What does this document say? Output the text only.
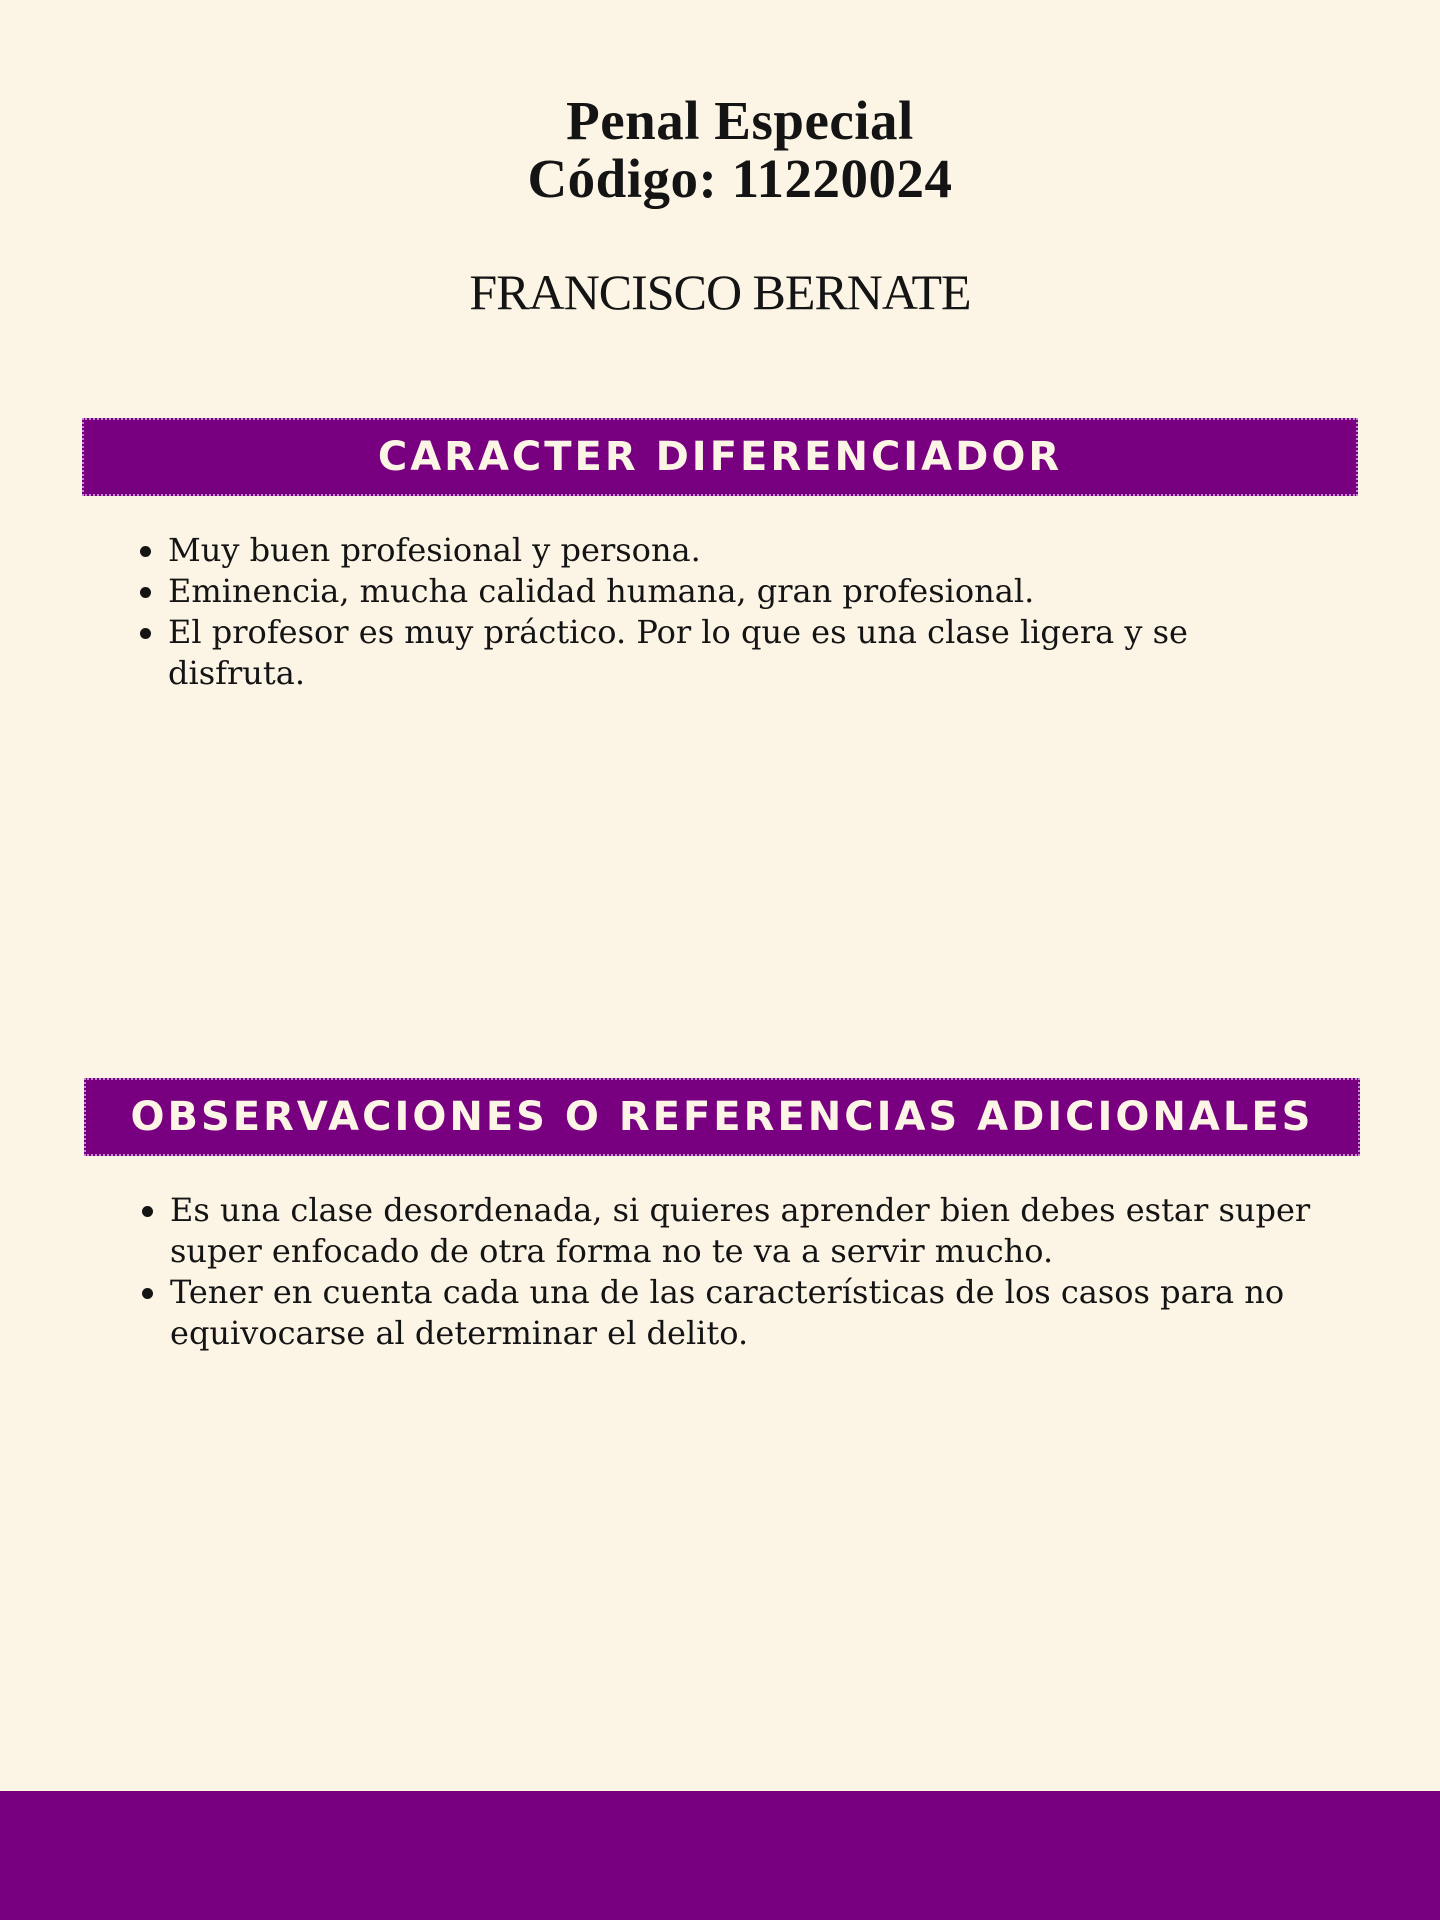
Penal Especial
Código: 11220024
FRANCISCO BERNATE
CARACTER DIFERENCIADOR
Muy buen profesional y persona.
Eminencia, mucha calidad humana, gran profesional.
El profesor es muy práctico. Por lo que es una clase ligera y se disfruta.
OBSERVACIONES O REFERENCIAS ADICIONALES
Es una clase desordenada, si quieres aprender bien debes estar super super enfocado de otra forma no te va a servir mucho.
Tener en cuenta cada una de las características de los casos para no equivocarse al determinar el delito.
